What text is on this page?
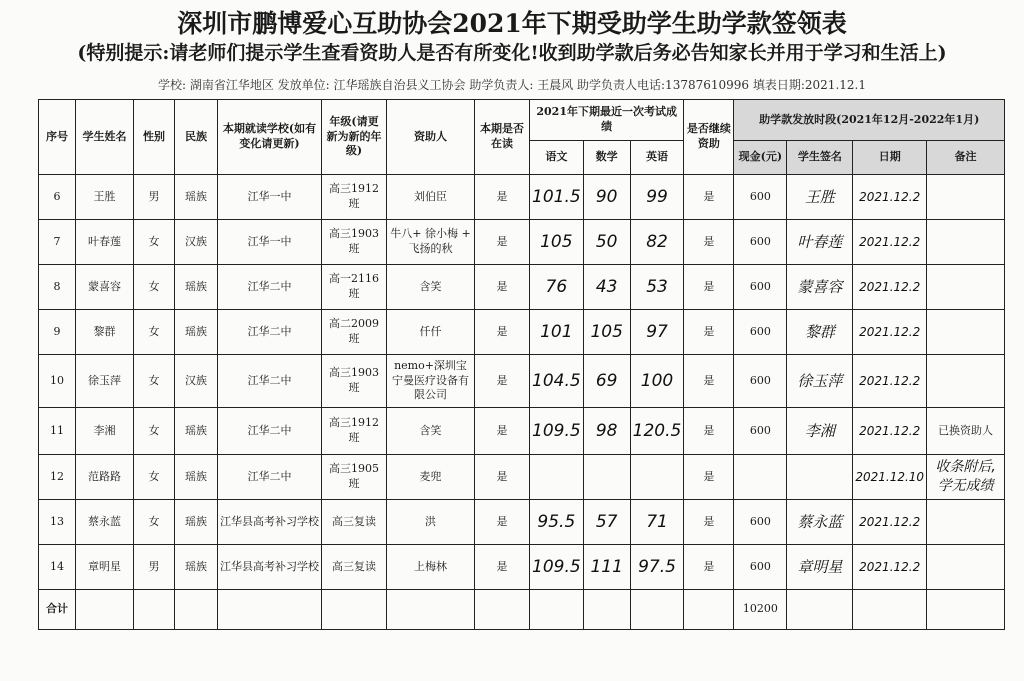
深圳市鹏博爱心互助协会2021年下期受助学生助学款签领表
(特别提示:请老师们提示学生查看资助人是否有所变化!收到助学款后务必告知家长并用于学习和生活上)
学校: 湖南省江华地区 发放单位: 江华瑶族自治县义工协会 助学负责人: 王晨风 助学负责人电话:13787610996 填表日期:2021.12.1
序号	学生姓名	性别	民族	本期就读学校(如有变化请更新)	年级(请更新为新的年级)	资助人	本期是否在读	2021年下期最近一次考试成绩			是否继续资助	助学款发放时段(2021年12月-2022年1月)			
								语文	数学	英语		现金(元)	学生签名	日期	备注
6	王胜	男	瑶族	江华一中	高三1912班	刘伯臣	是	101.5	90	99	是	600	王胜	2021.12.2	
7	叶春莲	女	汉族	江华一中	高三1903班	牛八+ 徐小梅 + 飞扬的秋	是	105	50	82	是	600	叶春莲	2021.12.2	
8	蒙喜容	女	瑶族	江华二中	高一2116班	含笑	是	76	43	53	是	600	蒙喜容	2021.12.2	
9	黎群	女	瑶族	江华二中	高二2009班	仟仟	是	101	105	97	是	600	黎群	2021.12.2	
10	徐玉萍	女	汉族	江华二中	高三1903班	nemo+深圳宝宁曼医疗设备有限公司	是	104.5	69	100	是	600	徐玉萍	2021.12.2	
11	李湘	女	瑶族	江华二中	高三1912班	含笑	是	109.5	98	120.5	是	600	李湘	2021.12.2	已换资助人
12	范路路	女	瑶族	江华二中	高三1905班	麦兜	是				是			2021.12.10	收条附后,学无成绩
13	蔡永蓝	女	瑶族	江华县高考补习学校	高三复读	洪	是	95.5	57	71	是	600	蔡永蓝	2021.12.2	
14	章明星	男	瑶族	江华县高考补习学校	高三复读	上梅林	是	109.5	111	97.5	是	600	章明星	2021.12.2	
合计												10200			
